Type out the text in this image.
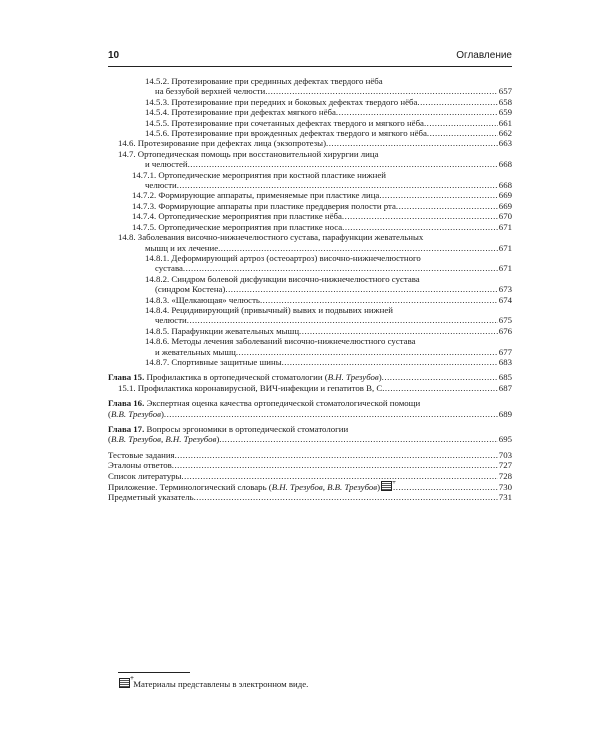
10	Оглавление
14.5.2. Протезирование при срединных дефектах твердого нёба
на беззубой верхней челюсти .....	657
14.5.3. Протезирование при передних и боковых дефектах твердого нёба .....	658
14.5.4. Протезирование при дефектах мягкого нёба .....	659
14.5.5. Протезирование при сочетанных дефектах твердого и мягкого нёба .....	661
14.5.6. Протезирование при врожденных дефектах твердого и мягкого нёба .....	662
14.6. Протезирование при дефектах лица (экзопротезы) .....	663
14.7. Ортопедическая помощь при восстановительной хирургии лица
и челюстей .....	668
14.7.1. Ортопедические мероприятия при костной пластике нижней
челюсти .....	668
14.7.2. Формирующие аппараты, применяемые при пластике лица .....	669
14.7.3. Формирующие аппараты при пластике преддверия полости рта .....	669
14.7.4. Ортопедические мероприятия при пластике нёба .....	670
14.7.5. Ортопедические мероприятия при пластике носа .....	671
14.8. Заболевания височно-нижнечелюстного сустава, парафункции жевательных
мышц и их лечение .....	671
14.8.1. Деформирующий артроз (остеоартроз) височно-нижнечелюстного
сустава .....	671
14.8.2. Синдром болевой дисфункции височно-нижнечелюстного сустава
(синдром Костена) .....	673
14.8.3. «Щелкающая» челюсть .....	674
14.8.4. Рецидивирующий (привычный) вывих и подвывих нижней
челюсти .....	675
14.8.5. Парафункции жевательных мышц .....	676
14.8.6. Методы лечения заболеваний височно-нижнечелюстного сустава
и жевательных мышц .....	677
14.8.7. Спортивные защитные шины .....	683
Глава 15. Профилактика в ортопедической стоматологии (В.Н. Трезубов) .....	685
15.1. Профилактика коронавирусной, ВИЧ-инфекции и гепатитов В, С .....	687
Глава 16. Экспертная оценка качества ортопедической стоматологической помощи
(В.В. Трезубов) .....	689
Глава 17. Вопросы эргономики в ортопедической стоматологии
(В.В. Трезубов, В.Н. Трезубов) .....	695
Тестовые задания .....	703
Эталоны ответов .....	727
Список литературы .....	728
Приложение. Терминологический словарь (В.Н. Трезубов, В.В. Трезубов) + .....	730
Предметный указатель .....	731
+
Материалы представлены в электронном виде.
